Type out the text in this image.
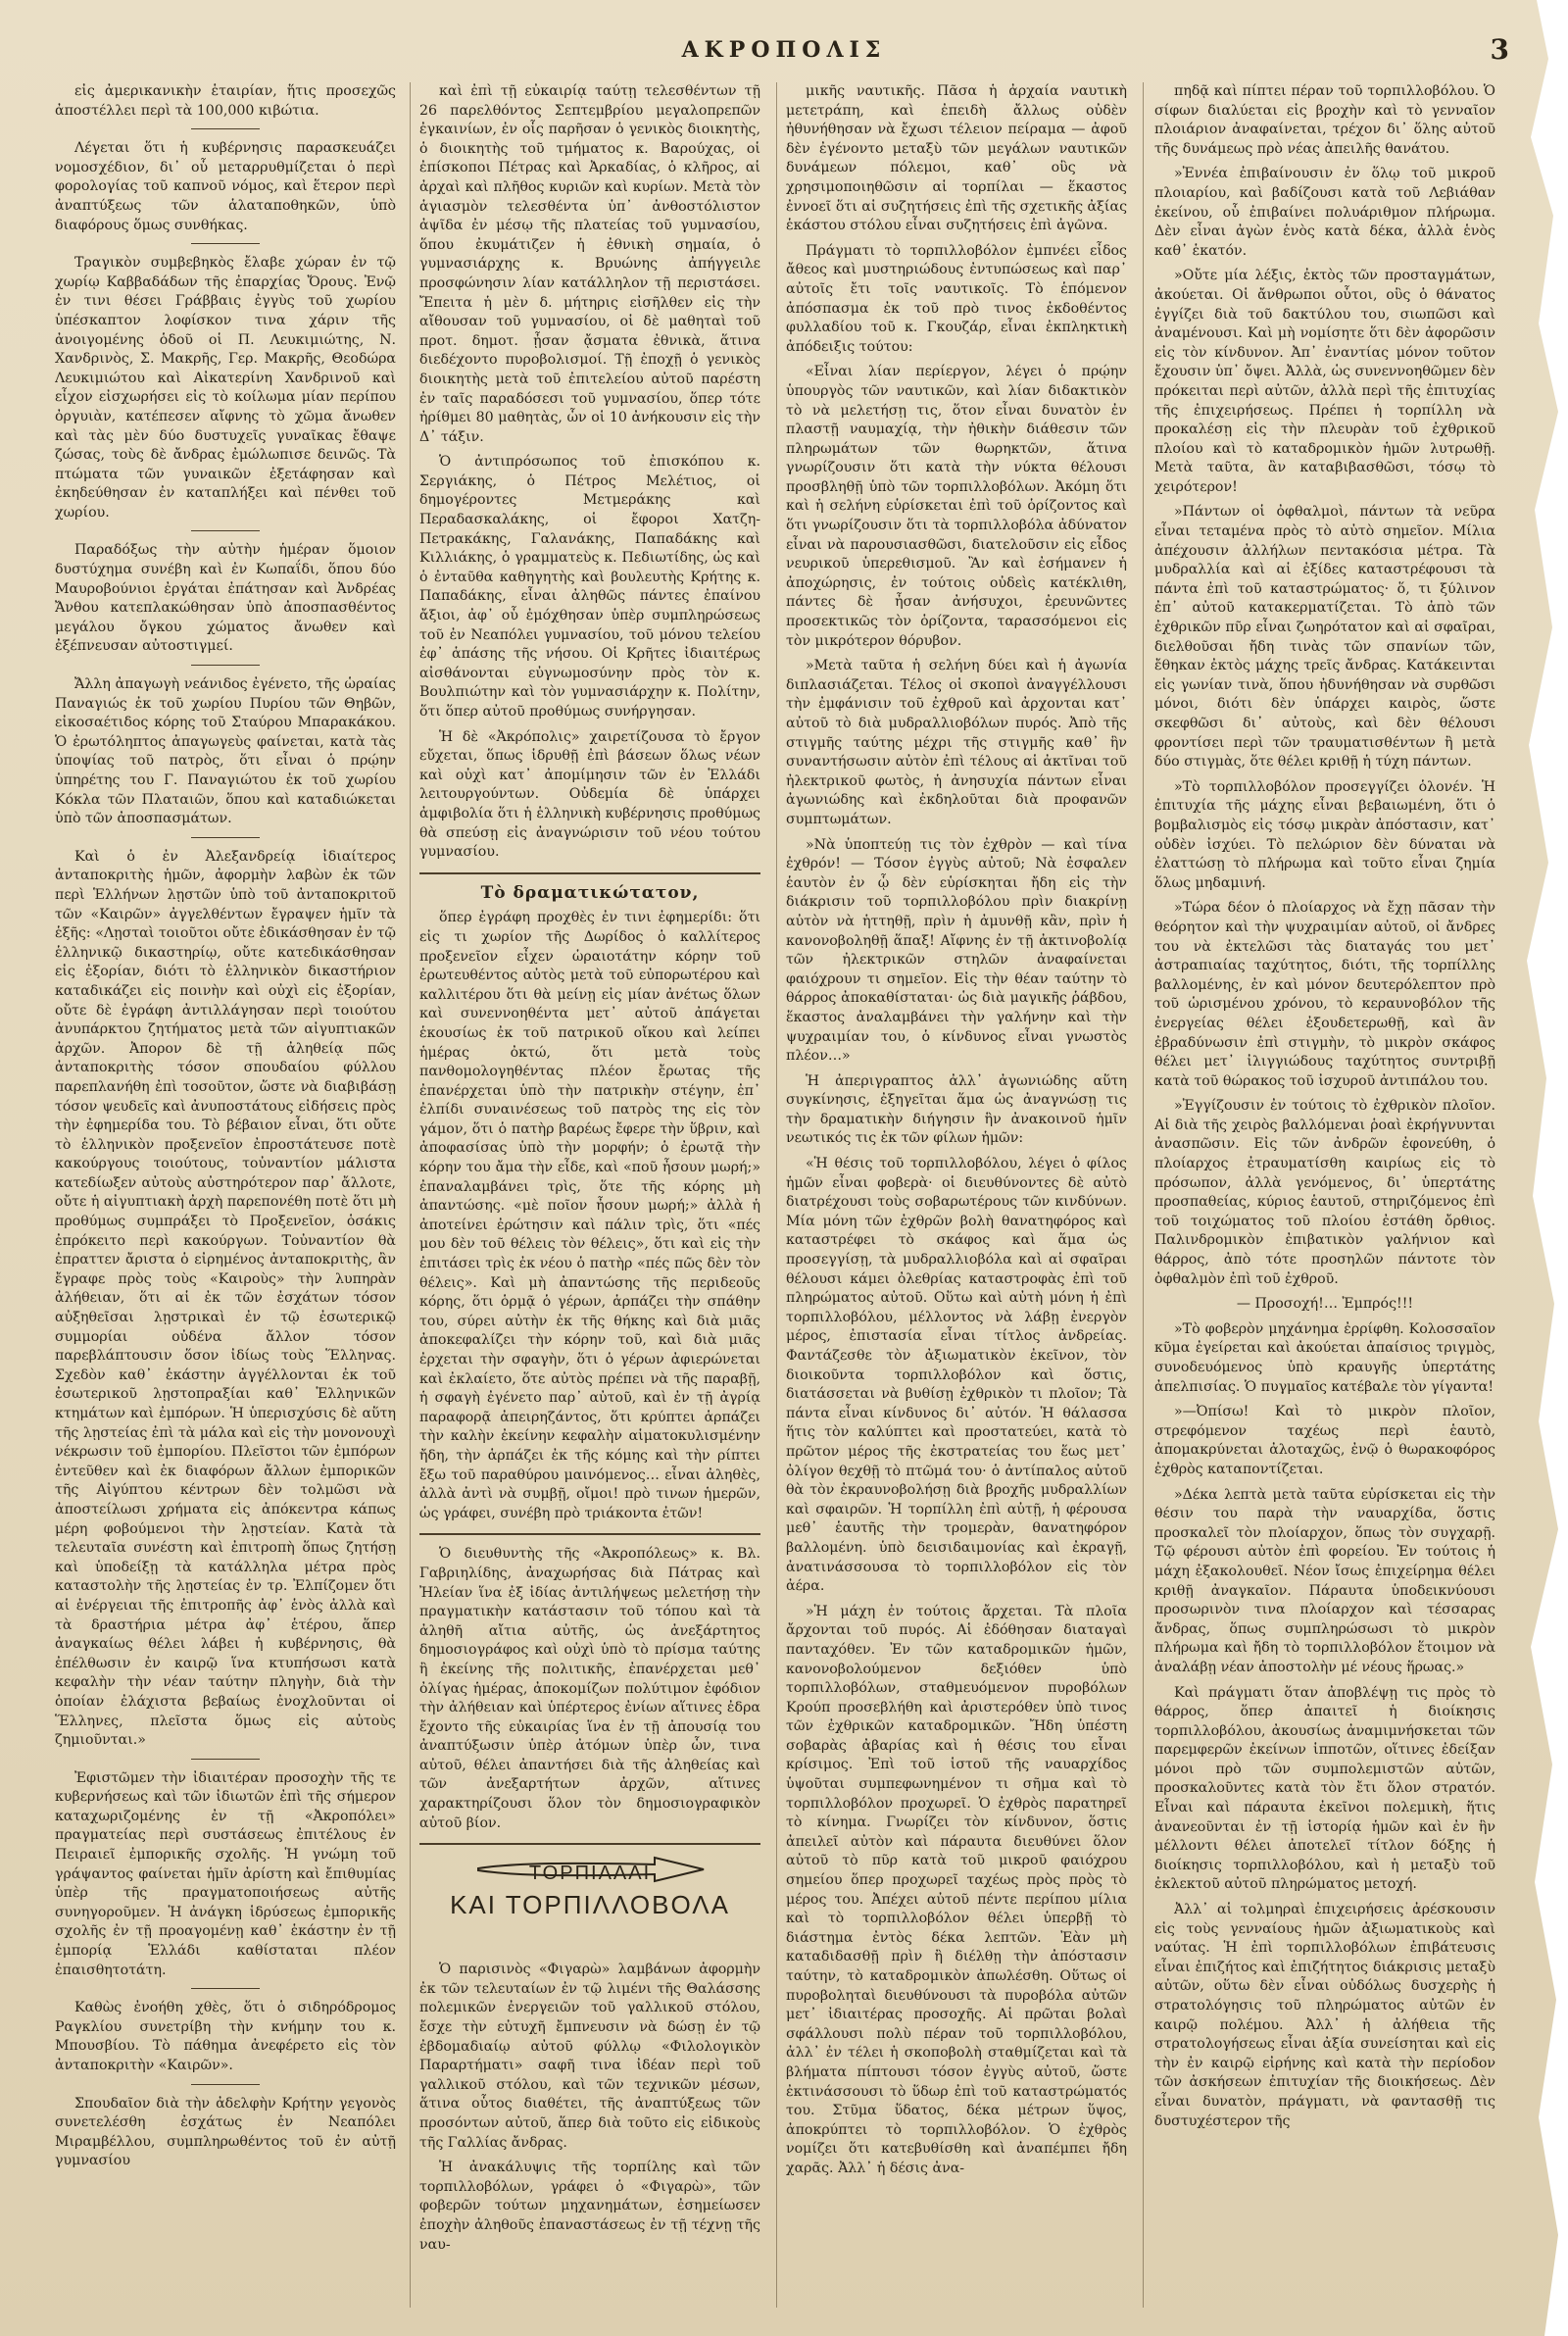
ΑΚΡΟΠΟΛΙΣ	3

εἰς ἀμερικανικὴν ἑταιρίαν, ἥτις προσεχῶς ἀποστέλλει περὶ τὰ 100,000 κιβώτια.

Λέγεται ὅτι ἡ κυβέρνησις παρασκευάζει νομοσχέδιον, δι᾽ οὗ μεταρρυθμίζεται ὁ περὶ φορολογίας τοῦ καπνοῦ νόμος, καὶ ἕτερον περὶ ἀναπτύξεως τῶν ἁλαταποθηκῶν, ὑπὸ διαφόρους ὅμως συνθήκας.

Τραγικὸν συμβεβηκὸς ἔλαβε χώραν ἐν τῷ χωρίῳ Καββαδάδων τῆς ἐπαρχίας Ὄρους. Ἐνῷ ἐν τινι θέσει Γράββαις ἐγγὺς τοῦ χωρίου ὑπέσκαπτον λοφίσκον τινα χάριν τῆς ἀνοιγομένης ὁδοῦ οἱ Π. Λευκιμιώτης, Ν. Χανδρινὸς, Σ. Μακρῆς, Γερ. Μακρῆς, Θεοδώρα Λευκιμιώτου καὶ Αἰκατερίνη Χανδρινοῦ καὶ εἶχον εἰσχωρήσει εἰς τὸ κοίλωμα μίαν περίπου ὀργυιὰν, κατέπεσεν αἴφνης τὸ χῶμα ἄνωθεν καὶ τὰς μὲν δύο δυστυχεῖς γυναῖκας ἔθαψε ζώσας, τοὺς δὲ ἄνδρας ἐμώλωπισε δεινῶς. Τὰ πτώματα τῶν γυναικῶν ἐξετάφησαν καὶ ἐκηδεύθησαν ἐν καταπλήξει καὶ πένθει τοῦ χωρίου.

Παραδόξως τὴν αὐτὴν ἡμέραν ὅμοιον δυστύχημα συνέβη καὶ ἐν Κωπαΐδι, ὅπου δύο Μαυροβούνιοι ἐργάται ἐπάτησαν καὶ Ἀνδρέας Ἄνθου κατεπλακώθησαν ὑπὸ ἀποσπασθέντος μεγάλου ὄγκου χώματος ἄνωθεν καὶ ἐξέπνευσαν αὐτοστιγμεί.

Ἄλλη ἀπαγωγὴ νεάνιδος ἐγένετο, τῆς ὡραίας Παναγιώς ἐκ τοῦ χωρίου Πυρίου τῶν Θηβῶν, εἰκοσαέτιδος κόρης τοῦ Σταύρου Μπαρακάκου. Ὁ ἐρωτόληπτος ἀπαγωγεὺς φαίνεται, κατὰ τὰς ὑποψίας τοῦ πατρὸς, ὅτι εἶναι ὁ πρῴην ὑπηρέτης του Γ. Παναγιώτου ἐκ τοῦ χωρίου Κόκλα τῶν Πλαταιῶν, ὅπου καὶ καταδιώκεται ὑπὸ τῶν ἀποσπασμάτων.

Καὶ ὁ ἐν Ἀλεξανδρείᾳ ἰδιαίτερος ἀνταποκριτὴς ἡμῶν, ἀφορμὴν λαβὼν ἐκ τῶν περὶ Ἑλλήνων λῃστῶν ὑπὸ τοῦ ἀνταποκριτοῦ τῶν «Καιρῶν» ἀγγελθέντων ἔγραψεν ἡμῖν τὰ ἑξῆς: «Λῃσταὶ τοιοῦτοι οὔτε ἐδικάσθησαν ἐν τῷ ἑλληνικῷ δικαστηρίῳ, οὔτε κατεδικάσθησαν εἰς ἐξορίαν, διότι τὸ ἑλληνικὸν δικαστήριον καταδικάζει εἰς ποινὴν καὶ οὐχὶ εἰς ἐξορίαν, οὔτε δὲ ἐγράφη ἀντιλλάγησαν περὶ τοιούτου ἀνυπάρκτου ζητήματος μετὰ τῶν αἰγυπτιακῶν ἀρχῶν. Ἀπορον δὲ τῇ ἀληθείᾳ πῶς ἀνταποκριτὴς τόσον σπουδαίου φύλλου παρεπλανήθη ἐπὶ τοσοῦτον, ὥστε νὰ διαβιβάσῃ τόσον ψευδεῖς καὶ ἀνυποστάτους εἰδήσεις πρὸς τὴν ἐφημερίδα του. Τὸ βέβαιον εἶναι, ὅτι οὔτε τὸ ἑλληνικὸν προξενεῖον ἐπροστάτευσε ποτὲ κακούργους τοιούτους, τοὐναντίον μάλιστα κατεδίωξεν αὐτοὺς αὐστηρότερον παρ᾽ ἄλλοτε, οὔτε ἡ αἰγυπτιακὴ ἀρχὴ παρεπονέθη ποτὲ ὅτι μὴ προθύμως συμπράξει τὸ Προξενεῖον, ὁσάκις ἐπρόκειτο περὶ κακούργων. Τοὐναντίον θὰ ἐπραττεν ἄριστα ὁ εἰρημένος ἀνταποκριτὴς, ἂν ἔγραφε πρὸς τοὺς «Καιροὺς» τὴν λυπηρὰν ἀλήθειαν, ὅτι αἱ ἐκ τῶν ἐσχάτων τόσον αὐξηθεῖσαι λῃστρικαὶ ἐν τῷ ἐσωτερικῷ συμμορίαι οὐδένα ἄλλον τόσον παρεβλάπτουσιν ὅσον ἰδίως τοὺς Ἕλληνας. Σχεδὸν καθ᾽ ἑκάστην ἀγγέλλονται ἐκ τοῦ ἐσωτερικοῦ λῃστοπραξίαι καθ᾽ Ἑλληνικῶν κτημάτων καὶ ἐμπόρων. Ἡ ὑπερισχύσις δὲ αὕτη τῆς λῃστείας ἐπὶ τὰ μάλα καὶ εἰς τὴν μονονουχὶ νέκρωσιν τοῦ ἐμπορίου. Πλεῖστοι τῶν ἐμπόρων ἐντεῦθεν καὶ ἐκ διαφόρων ἄλλων ἐμπορικῶν τῆς Αἰγύπτου κέντρων δὲν τολμῶσι νὰ ἀποστείλωσι χρήματα εἰς ἀπόκεντρα κάπως μέρη φοβούμενοι τὴν λῃστείαν. Κατὰ τὰ τελευταῖα συνέστη καὶ ἐπιτροπὴ ὅπως ζητήσῃ καὶ ὑποδείξῃ τὰ κατάλληλα μέτρα πρὸς καταστολὴν τῆς λῃστείας ἐν τρ. Ἐλπίζομεν ὅτι αἱ ἐνέργειαι τῆς ἐπιτροπῆς ἀφ᾽ ἑνὸς ἀλλὰ καὶ τὰ δραστήρια μέτρα ἀφ᾽ ἑτέρου, ἅπερ ἀναγκαίως θέλει λάβει ἡ κυβέρνησις, θὰ ἐπέλθωσιν ἐν καιρῷ ἵνα κτυπήσωσι κατὰ κεφαλὴν τὴν νέαν ταύτην πληγὴν, διὰ τὴν ὁποίαν ἐλάχιστα βεβαίως ἐνοχλοῦνται οἱ Ἕλληνες, πλεῖστα ὅμως εἰς αὐτοὺς ζημιοῦνται.»

Ἐφιστῶμεν τὴν ἰδιαιτέραν προσοχὴν τῆς τε κυβερνήσεως καὶ τῶν ἰδιωτῶν ἐπὶ τῆς σήμερον καταχωριζομένης ἐν τῇ «Ἀκροπόλει» πραγματείας περὶ συστάσεως ἐπιτέλους ἐν Πειραιεῖ ἐμπορικῆς σχολῆς. Ἡ γνώμη τοῦ γράψαντος φαίνεται ἡμῖν ἀρίστη καὶ ἔπιθυμίας ὑπὲρ τῆς πραγματοποιήσεως αὐτῆς συνηγοροῦμεν. Ἡ ἀνάγκη ἱδρύσεως ἐμπορικῆς σχολῆς ἐν τῇ προαγομένῃ καθ᾽ ἑκάστην ἐν τῇ ἐμπορίᾳ Ἑλλάδι καθίσταται πλέον ἐπαισθητοτάτη.

Καθὼς ἐνοήθη χθὲς, ὅτι ὁ σιδηρόδρομος Ραγκλίου συνετρίβη τὴν κνήμην του κ. Μπουσβίου. Τὸ πάθημα ἀνεφέρετο εἰς τὸν ἀνταποκριτὴν «Καιρῶν».

Σπουδαῖον διὰ τὴν ἀδελφὴν Κρήτην γεγονὸς συνετελέσθη ἐσχάτως ἐν Νεαπόλει Μιραμβέλλου, συμπληρωθέντος τοῦ ἐν αὐτῇ γυμνασίου

καὶ ἐπὶ τῇ εὐκαιρίᾳ ταύτῃ τελεσθέντων τῇ 26 παρελθόντος Σεπτεμβρίου μεγαλοπρεπῶν ἐγκαινίων, ἐν οἷς παρῆσαν ὁ γενικὸς διοικητὴς, ὁ διοικητὴς τοῦ τμήματος κ. Βαρούχας, οἱ ἐπίσκοποι Πέτρας καὶ Ἀρκαδίας, ὁ κλῆρος, αἱ ἀρχαὶ καὶ πλῆθος κυριῶν καὶ κυρίων. Μετὰ τὸν ἁγιασμὸν τελεσθέντα ὑπ᾽ ἀνθοστόλιστον ἀψῖδα ἐν μέσῳ τῆς πλατείας τοῦ γυμνασίου, ὅπου ἐκυμάτιζεν ἡ ἐθνικὴ σημαία, ὁ γυμνασιάρχης κ. Βρυώνης ἀπήγγειλε προσφώνησιν λίαν κατάλληλον τῇ περιστάσει. Ἔπειτα ἡ μὲν δ. μήτηρις εἰσῆλθεν εἰς τὴν αἴθουσαν τοῦ γυμνασίου, οἱ δὲ μαθηταὶ τοῦ προτ. δημοτ. ᾖσαν ᾄσματα ἐθνικὰ, ἅτινα διεδέχοντο πυροβολισμοί. Τῇ ἐποχῇ ὁ γενικὸς διοικητὴς μετὰ τοῦ ἐπιτελείου αὐτοῦ παρέστη ἐν ταῖς παραδόσεσι τοῦ γυμνασίου, ὅπερ τότε ἠρίθμει 80 μαθητὰς, ὧν οἱ 10 ἀνήκουσιν εἰς τὴν Δ᾽ τάξιν.

Ὁ ἀντιπρόσωπος τοῦ ἐπισκόπου κ. Σεργιάκης, ὁ Πέτρος Μελέτιος, οἱ δημογέροντες Μετμεράκης καὶ Περαδασκαλάκης, οἱ ἔφοροι Χατζη-Πετρακάκης, Γαλανάκης, Παπαδάκης καὶ Κιλλιάκης, ὁ γραμματεὺς κ. Πεδιωτίδης, ὡς καὶ ὁ ἐνταῦθα καθηγητὴς καὶ βουλευτὴς Κρήτης κ. Παπαδάκης, εἶναι ἀληθῶς πάντες ἐπαίνου ἄξιοι, ἀφ᾽ οὗ ἐμόχθησαν ὑπὲρ συμπληρώσεως τοῦ ἐν Νεαπόλει γυμνασίου, τοῦ μόνου τελείου ἐφ᾽ ἁπάσης τῆς νήσου. Οἱ Κρῆτες ἰδιαιτέρως αἰσθάνονται εὐγνωμοσύνην πρὸς τὸν κ. Βουλπιώτην καὶ τὸν γυμνασιάρχην κ. Πολίτην, ὅτι ὅπερ αὐτοῦ προθύμως συνήργησαν.

Ἡ δὲ «Ἀκρόπολις» χαιρετίζουσα τὸ ἔργον εὔχεται, ὅπως ἱδρυθῇ ἐπὶ βάσεων ὅλως νέων καὶ οὐχὶ κατ᾽ ἀπομίμησιν τῶν ἐν Ἑλλάδι λειτουργούντων. Οὐδεμία δὲ ὑπάρχει ἀμφιβολία ὅτι ἡ ἑλληνικὴ κυβέρνησις προθύμως θὰ σπεύσῃ εἰς ἀναγνώρισιν τοῦ νέου τούτου γυμνασίου.

Τὸ δραματικώτατον,

ὅπερ ἐγράφη προχθὲς ἐν τινι ἐφημερίδι: ὅτι εἰς τι χωρίον τῆς Δωρίδος ὁ καλλίτερος προξενεῖον εἶχεν ὡραιοτάτην κόρην τοῦ ἐρωτευθέντος αὐτὸς μετὰ τοῦ εὐπορωτέρου καὶ καλλιτέρου ὅτι θὰ μείνῃ εἰς μίαν ἀνέτως ὅλων καὶ συνεννοηθέντα μετ᾽ αὐτοῦ ἀπάγεται ἑκουσίως ἐκ τοῦ πατρικοῦ οἴκου καὶ λείπει ἡμέρας ὀκτώ, ὅτι μετὰ τοὺς πανθομολογηθέντας πλέον ἔρωτας τῆς ἐπανέρχεται ὑπὸ τὴν πατρικὴν στέγην, ἐπ᾽ ἐλπίδι συναινέσεως τοῦ πατρὸς της εἰς τὸν γάμον, ὅτι ὁ πατὴρ βαρέως ἔφερε τὴν ὕβριν, καὶ ἀποφασίσας ὑπὸ τὴν μορφήν; ὁ ἐρωτᾷ τὴν κόρην του ἄμα τὴν εἶδε, καὶ «ποῦ ἦσουν μωρή;» ἐπαναλαμβάνει τρὶς, ὅτε τῆς κόρης μὴ ἀπαντώσης. «μὲ ποῖον ἦσουν μωρή;» ἀλλὰ ἡ ἀποτείνει ἐρώτησιν καὶ πάλιν τρὶς, ὅτι «πές μου δὲν τοῦ θέλεις τὸν θέλεις», ὅτι καὶ εἰς τὴν ἐπιτάσει τρὶς ἐκ νέου ὁ πατὴρ «πές πῶς δὲν τὸν θέλεις». Καὶ μὴ ἀπαντώσης τῆς περιδεοῦς κόρης, ὅτι ὁρμᾷ ὁ γέρων, ἁρπάζει τὴν σπάθην του, σύρει αὐτὴν ἐκ τῆς θήκης καὶ διὰ μιᾶς ἀποκεφαλίζει τὴν κόρην τοῦ, καὶ διὰ μιᾶς ἐρχεται τὴν σφαγὴν, ὅτι ὁ γέρων ἀφιερώνεται καὶ ἐκλαίετο, ὅτε αὐτὸς πρέπει νὰ τῆς παραβῇ, ἡ σφαγὴ ἐγένετο παρ᾽ αὐτοῦ, καὶ ἐν τῇ ἀγρίᾳ παραφορᾷ ἀπειρηζάντος, ὅτι κρύπτει ἁρπάζει τὴν καλὴν ἐκείνην κεφαλὴν αἱματοκυλισμένην ἤδη, τὴν ἁρπάζει ἐκ τῆς κόμης καὶ τὴν ρίπτει ἔξω τοῦ παραθύρου μαινόμενος… εἶναι ἀληθὲς, ἀλλὰ ἀντὶ νὰ συμβῇ, οἴμοι! πρὸ τινων ἡμερῶν, ὡς γράφει, συνέβη πρὸ τριάκοντα ἐτῶν!

Ὁ διευθυντὴς τῆς «Ἀκροπόλεως» κ. Βλ. Γαβριηλίδης, ἀναχωρήσας διὰ Πάτρας καὶ Ἠλείαν ἵνα ἐξ ἰδίας ἀντιλήψεως μελετήσῃ τὴν πραγματικὴν κατάστασιν τοῦ τόπου καὶ τὰ ἀληθῆ αἴτια αὐτῆς, ὡς ἀνεξάρτητος δημοσιογράφος καὶ οὐχὶ ὑπὸ τὸ πρίσμα ταύτης ἢ ἐκείνης τῆς πολιτικῆς, ἐπανέρχεται μεθ᾽ ὀλίγας ἡμέρας, ἀποκομίζων πολύτιμον ἐφόδιον τὴν ἀλήθειαν καὶ ὑπέρτερος ἐνίων αἵτινες ἐδρα ἔχοντο τῆς εὐκαιρίας ἵνα ἐν τῇ ἀπουσίᾳ του ἀναπτύξωσιν ὑπὲρ ἀτόμων ὑπὲρ ὧν, τινα αὐτοῦ, θέλει ἀπαντήσει διὰ τῆς ἀληθείας καὶ τῶν ἀνεξαρτήτων ἀρχῶν, αἵτινες χαρακτηρίζουσι ὅλον τὸν δημοσιογραφικὸν αὐτοῦ βίον.

ΤΟΡΠΙΛΛΑΙ
ΚΑΙ ΤΟΡΠΙΛΛΟΒΟΛΑ

Ὁ παρισινὸς «Φιγαρὼ» λαμβάνων ἀφορμὴν ἐκ τῶν τελευταίων ἐν τῷ λιμένι τῆς Θαλάσσης πολεμικῶν ἐνεργειῶν τοῦ γαλλικοῦ στόλου, ἔσχε τὴν εὐτυχῆ ἔμπνευσιν νὰ δώσῃ ἐν τῷ ἐβδομαδιαίῳ αὐτοῦ φύλλῳ «Φιλολογικὸν Παραρτήματι» σαφῆ τινα ἰδέαν περὶ τοῦ γαλλικοῦ στόλου, καὶ τῶν τεχνικῶν μέσων, ἅτινα οὗτος διαθέτει, τῆς ἀναπτύξεως τῶν προσόντων αὐτοῦ, ἅπερ διὰ τοῦτο εἰς εἰδικοὺς τῆς Γαλλίας ἄνδρας.

Ἡ ἀνακάλυψις τῆς τορπίλης καὶ τῶν τορπιλλοβόλων, γράφει ὁ «Φιγαρὼ», τῶν φοβερῶν τούτων μηχανημάτων, ἐσημείωσεν ἐποχὴν ἀληθοῦς ἐπαναστάσεως ἐν τῇ τέχνῃ τῆς ναυ-

μικῆς ναυτικῆς. Πᾶσα ἡ ἀρχαία ναυτικὴ μετετράπη, καὶ ἐπειδὴ ἄλλως οὐδὲν ἠθυνήθησαν νὰ ἔχωσι τέλειον πείραμα — ἀφοῦ δὲν ἐγένοντο μεταξὺ τῶν μεγάλων ναυτικῶν δυνάμεων πόλεμοι, καθ᾽ οὓς νὰ χρησιμοποιηθῶσιν αἱ τορπίλαι — ἕκαστος ἐννοεῖ ὅτι αἱ συζητήσεις ἐπὶ τῆς σχετικῆς ἀξίας ἑκάστου στόλου εἶναι συζητήσεις ἐπὶ ἀγῶνα.

Πράγματι τὸ τορπιλλοβόλον ἐμπνέει εἶδος ἄθεος καὶ μυστηριώδους ἐντυπώσεως καὶ παρ᾽ αὐτοῖς ἔτι τοῖς ναυτικοῖς. Τὸ ἑπόμενον ἀπόσπασμα ἐκ τοῦ πρὸ τινος ἐκδοθέντος φυλλαδίου τοῦ κ. Γκουζάρ, εἶναι ἐκπληκτικὴ ἀπόδειξις τούτου:

«Εἶναι λίαν περίεργον, λέγει ὁ πρῴην ὑπουργὸς τῶν ναυτικῶν, καὶ λίαν διδακτικὸν τὸ νὰ μελετήσῃ τις, ὅτον εἶναι δυνατὸν ἐν πλαστῇ ναυμαχίᾳ, τὴν ἠθικὴν διάθεσιν τῶν πληρωμάτων τῶν θωρηκτῶν, ἅτινα γνωρίζουσιν ὅτι κατὰ τὴν νύκτα θέλουσι προσβληθῇ ὑπὸ τῶν τορπιλλοβόλων. Ἀκόμη ὅτι καὶ ἡ σελήνη εὑρίσκεται ἐπὶ τοῦ ὁρίζοντος καὶ ὅτι γνωρίζουσιν ὅτι τὰ τορπιλλοβόλα ἀδύνατον εἶναι νὰ παρουσιασθῶσι, διατελοῦσιν εἰς εἶδος νευρικοῦ ὑπερεθισμοῦ. Ἂν καὶ ἐσήμανεν ἡ ἀποχώρησις, ἐν τούτοις οὐδεὶς κατέκλιθη, πάντες δὲ ἦσαν ἀνήσυχοι, ἐρευνῶντες προσεκτικῶς τὸν ὁρίζοντα, ταρασσόμενοι εἰς τὸν μικρότερον θόρυβον.

»Μετὰ ταῦτα ἡ σελήνη δύει καὶ ἡ ἀγωνία διπλασιάζεται. Τέλος οἱ σκοποὶ ἀναγγέλλουσι τὴν ἐμφάνισιν τοῦ ἐχθροῦ καὶ ἀρχονται κατ᾽ αὐτοῦ τὸ διὰ μυδραλλιοβόλων πυρός. Ἀπὸ τῆς στιγμῆς ταύτης μέχρι τῆς στιγμῆς καθ᾽ ἣν συναντήσωσιν αὐτὸν ἐπὶ τέλους αἱ ἀκτῖναι τοῦ ἠλεκτρικοῦ φωτὸς, ἡ ἀνησυχία πάντων εἶναι ἀγωνιώδης καὶ ἐκδηλοῦται διὰ προφανῶν συμπτωμάτων.

»Νὰ ὑποπτεύῃ τις τὸν ἐχθρὸν — καὶ τίνα ἐχθρόν! — Τόσον ἐγγὺς αὐτοῦ; Νὰ ἐσφαλεν ἑαυτὸν ἐν ᾧ δὲν εὑρίσκηται ἤδη εἰς τὴν διάκρισιν τοῦ τορπιλλοβόλου πρὶν διακρίνῃ αὐτὸν νὰ ἡττηθῇ, πρὶν ἡ ἀμυνθῇ κἂν, πρὶν ἡ κανονοβοληθῇ ἅπαξ! Αἴφνης ἐν τῇ ἀκτινοβολίᾳ τῶν ἠλεκτρικῶν στηλῶν ἀναφαίνεται φαιόχρουν τι σημεῖον. Εἰς τὴν θέαν ταύτην τὸ θάρρος ἀποκαθίσταται· ὡς διὰ μαγικῆς ῥάβδου, ἕκαστος ἀναλαμβάνει τὴν γαλήνην καὶ τὴν ψυχραιμίαν του, ὁ κίνδυνος εἶναι γνωστὸς πλέον…»

Ἡ ἀπεριγραπτος ἀλλ᾽ ἀγωνιώδης αὕτη συγκίνησις, ἐξηγεῖται ἅμα ὡς ἀναγνώσῃ τις τὴν δραματικὴν διήγησιν ἣν ἀνακοινοῦ ἡμῖν νεωτικός τις ἐκ τῶν φίλων ἡμῶν:

«Ἡ θέσις τοῦ τορπιλλοβόλου, λέγει ὁ φίλος ἡμῶν εἶναι φοβερὰ· οἱ διευθύνοντες δὲ αὐτὸ διατρέχουσι τοὺς σοβαρωτέρους τῶν κινδύνων. Μία μόνη τῶν ἐχθρῶν βολὴ θανατηφόρος καὶ καταστρέφει τὸ σκάφος καὶ ἅμα ὡς προσεγγίσῃ, τὰ μυδραλλιοβόλα καὶ αἱ σφαῖραι θέλουσι κάμει ὀλεθρίας καταστροφὰς ἐπὶ τοῦ πληρώματος αὐτοῦ. Οὕτω καὶ αὐτὴ μόνη ἡ ἐπὶ τορπιλλοβόλου, μέλλοντος νὰ λάβῃ ἐνεργὸν μέρος, ἐπιστασία εἶναι τίτλος ἀνδρείας. Φαντάζεσθε τὸν ἀξιωματικὸν ἐκεῖνον, τὸν διοικοῦντα τορπιλλοβόλον καὶ ὅστις, διατάσσεται νὰ βυθίσῃ ἐχθρικὸν τι πλοῖον; Τὰ πάντα εἶναι κίνδυνος δι᾽ αὐτόν. Ἡ θάλασσα ἥτις τὸν καλύπτει καὶ προστατεύει, κατὰ τὸ πρῶτον μέρος τῆς ἐκστρατείας του ἕως μετ᾽ ὀλίγον θεχθῇ τὸ πτῶμά του· ὁ ἀντίπαλος αὐτοῦ θὰ τὸν ἐκραυνοβολήσῃ διὰ βροχῆς μυδραλλίων καὶ σφαιρῶν. Ἡ τορπίλλη ἐπὶ αὐτῇ, ἡ φέρουσα μεθ᾽ ἑαυτῆς τὴν τρομερὰν, θανατηφόρον βαλλομένη. ὑπὸ δεισιδαιμονίας καὶ ἐκραγῇ, ἀνατινάσσουσα τὸ τορπιλλοβόλον εἰς τὸν ἀέρα.

»Ἡ μάχη ἐν τούτοις ἄρχεται. Τὰ πλοῖα ἄρχονται τοῦ πυρός. Αἱ ἐδόθησαν διαταγαὶ πανταχόθεν. Ἐν τῶν καταδρομικῶν ἡμῶν, κανονοβολούμενον δεξιόθεν ὑπὸ τορπιλλοβόλων, σταθμευόμενον πυροβόλων Κρούπ προσεβλήθη καὶ ἀριστερόθεν ὑπὸ τινος τῶν ἐχθρικῶν καταδρομικῶν. Ἤδη ὑπέστη σοβαρὰς ἀβαρίας καὶ ἡ θέσις του εἶναι κρίσιμος. Ἐπὶ τοῦ ἱστοῦ τῆς ναυαρχίδος ὑψοῦται συμπεφωνημένον τι σῆμα καὶ τὸ τορπιλλοβόλον προχωρεῖ. Ὁ ἐχθρὸς παρατηρεῖ τὸ κίνημα. Γνωρίζει τὸν κίνδυνον, ὅστις ἀπειλεῖ αὐτὸν καὶ πάραυτα διευθύνει ὅλον αὐτοῦ τὸ πῦρ κατὰ τοῦ μικροῦ φαιόχρου σημείου ὅπερ προχωρεῖ ταχέως πρὸς πρὸς τὸ μέρος του. Ἀπέχει αὐτοῦ πέντε περίπου μίλια καὶ τὸ τορπιλλοβόλον θέλει ὑπερβῇ τὸ διάστημα ἐντὸς δέκα λεπτῶν. Ἐὰν μὴ καταδιδασθῇ πρὶν ἢ διέλθῃ τὴν ἀπόστασιν ταύτην, τὸ καταδρομικὸν ἀπωλέσθη. Οὕτως οἱ πυροβοληταὶ διευθύνουσι τὰ πυροβόλα αὐτῶν μετ᾽ ἰδιαιτέρας προσοχῆς. Αἱ πρῶται βολαὶ σφάλλουσι πολὺ πέραν τοῦ τορπιλλοβόλου, ἀλλ᾽ ἐν τέλει ἡ σκοποβολὴ σταθμίζεται καὶ τὰ βλήματα πίπτουσι τόσον ἐγγὺς αὐτοῦ, ὥστε ἐκτινάσσουσι τὸ ὕδωρ ἐπὶ τοῦ καταστρώματός του. Στῦμα ὕδατος, δέκα μέτρων ὕψος, ἀποκρύπτει τὸ τορπιλλοβόλον. Ὁ ἐχθρὸς νομίζει ὅτι κατεβυθίσθη καὶ ἀναπέμπει ἤδη χαρᾶς. Ἀλλ᾽ ἡ δέσις ἀνα-

πηδᾷ καὶ πίπτει πέραν τοῦ τορπιλλοβόλου. Ὁ σίφων διαλύεται εἰς βροχὴν καὶ τὸ γενναῖον πλοιάριον ἀναφαίνεται, τρέχον δι᾽ ὅλης αὐτοῦ τῆς δυνάμεως πρὸ νέας ἀπειλῆς θανάτου.

»Ἐννέα ἐπιβαίνουσιν ἐν ὅλῳ τοῦ μικροῦ πλοιαρίου, καὶ βαδίζουσι κατὰ τοῦ Λεβιάθαν ἐκείνου, οὗ ἐπιβαίνει πολυάριθμον πλήρωμα. Δὲν εἶναι ἀγὼν ἑνὸς κατὰ δέκα, ἀλλὰ ἑνὸς καθ᾽ ἑκατόν.

»Οὔτε μία λέξις, ἐκτὸς τῶν προσταγμάτων, ἀκούεται. Οἱ ἄνθρωποι οὗτοι, οὓς ὁ θάνατος ἐγγίζει διὰ τοῦ δακτύλου του, σιωπῶσι καὶ ἀναμένουσι. Καὶ μὴ νομίσητε ὅτι δὲν ἀφορῶσιν εἰς τὸν κίνδυνον. Ἀπ᾽ ἐναντίας μόνον τοῦτον ἔχουσιν ὑπ᾽ ὄψει. Ἀλλὰ, ὡς συνεννοηθῶμεν δὲν πρόκειται περὶ αὐτῶν, ἀλλὰ περὶ τῆς ἐπιτυχίας τῆς ἐπιχειρήσεως. Πρέπει ἡ τορπίλλη νὰ προκαλέσῃ εἰς τὴν πλευρὰν τοῦ ἐχθρικοῦ πλοίου καὶ τὸ καταδρομικὸν ἡμῶν λυτρωθῇ. Μετὰ ταῦτα, ἂν καταβιβασθῶσι, τόσῳ τὸ χειρότερον!

»Πάντων οἱ ὀφθαλμοὶ, πάντων τὰ νεῦρα εἶναι τεταμένα πρὸς τὸ αὐτὸ σημεῖον. Μίλια ἀπέχουσιν ἀλλήλων πεντακόσια μέτρα. Τὰ μυδραλλία καὶ αἱ ἐξίδες καταστρέφουσι τὰ πάντα ἐπὶ τοῦ καταστρώματος· ὅ, τι ξύλινον ἐπ᾽ αὐτοῦ κατακερματίζεται. Τὸ ἀπὸ τῶν ἐχθρικῶν πῦρ εἶναι ζωηρότατον καὶ αἱ σφαῖραι, διελθοῦσαι ἤδη τινὰς τῶν σπανίων τῶν, ἔθηκαν ἐκτὸς μάχης τρεῖς ἄνδρας. Κατάκεινται εἰς γωνίαν τινὰ, ὅπου ἠδυνήθησαν νὰ συρθῶσι μόνοι, διότι δὲν ὑπάρχει καιρὸς, ὥστε σκεφθῶσι δι᾽ αὐτοὺς, καὶ δὲν θέλουσι φροντίσει περὶ τῶν τραυματισθέντων ἢ μετὰ δύο στιγμὰς, ὅτε θέλει κριθῇ ἡ τύχη πάντων.

»Τὸ τορπιλλοβόλον προσεγγίζει ὁλονέν. Ἡ ἐπιτυχία τῆς μάχης εἶναι βεβαιωμένη, ὅτι ὁ βομβαλισμὸς εἰς τόσῳ μικρὰν ἀπόστασιν, κατ᾽ οὐδὲν ἰσχύει. Τὸ πελώριον δὲν δύναται νὰ ἐλαττώσῃ τὸ πλήρωμα καὶ τοῦτο εἶναι ζημία ὅλως μηδαμινή.

»Τώρα δέον ὁ πλοίαρχος νὰ ἔχῃ πᾶσαν τὴν θεόρητον καὶ τὴν ψυχραιμίαν αὐτοῦ, οἱ ἄνδρες του νὰ ἐκτελῶσι τὰς διαταγάς του μετ᾽ ἀστραπιαίας ταχύτητος, διότι, τῆς τορπίλλης βαλλομένης, ἐν καὶ μόνον δευτερόλεπτον πρὸ τοῦ ὡρισμένου χρόνου, τὸ κεραυνοβόλον τῆς ἐνεργείας θέλει ἐξουδετερωθῇ, καὶ ἂν ἐβραδύνωσιν ἐπὶ στιγμὴν, τὸ μικρὸν σκάφος θέλει μετ᾽ ἰλιγγιώδους ταχύτητος συντριβῇ κατὰ τοῦ θώρακος τοῦ ἰσχυροῦ ἀντιπάλου του.

»Ἐγγίζουσιν ἐν τούτοις τὸ ἐχθρικὸν πλοῖον. Αἱ διὰ τῆς χειρὸς βαλλόμεναι ῥοαὶ ἐκρήγνυνται ἀνασπῶσιν. Εἰς τῶν ἀνδρῶν ἐφονεύθη, ὁ πλοίαρχος ἐτραυματίσθη καιρίως εἰς τὸ πρόσωπον, ἀλλὰ γενόμενος, δι᾽ ὑπερτάτης προσπαθείας, κύριος ἑαυτοῦ, στηριζόμενος ἐπὶ τοῦ τοιχώματος τοῦ πλοίου ἐστάθη ὄρθιος. Παλινδρομικὸν ἐπιβατικὸν γαλήνιον καὶ θάρρος, ἀπὸ τότε προσηλῶν πάντοτε τὸν ὀφθαλμὸν ἐπὶ τοῦ ἐχθροῦ.

— Προσοχή!… Ἐμπρός!!!

»Τὸ φοβερὸν μηχάνημα ἐρρίφθη. Κολοσσαῖον κῦμα ἐγείρεται καὶ ἀκούεται ἀπαίσιος τριγμὸς, συνοδευόμενος ὑπὸ κραυγῆς ὑπερτάτης ἀπελπισίας. Ὁ πυγμαῖος κατέβαλε τὸν γίγαντα!

»—Ὀπίσω! Καὶ τὸ μικρὸν πλοῖον, στρεφόμενον ταχέως περὶ ἑαυτὸ, ἀπομακρύνεται ἀλοταχῶς, ἐνῷ ὁ θωρακοφόρος ἐχθρὸς καταποντίζεται.

»Δέκα λεπτὰ μετὰ ταῦτα εὑρίσκεται εἰς τὴν θέσιν του παρὰ τὴν ναυαρχίδα, ὅστις προσκαλεῖ τὸν πλοίαρχον, ὅπως τὸν συγχαρῇ. Τῷ φέρουσι αὐτὸν ἐπὶ φορείου. Ἐν τούτοις ἡ μάχη ἐξακολουθεῖ. Νέον ἴσως ἐπιχείρημα θέλει κριθῇ ἀναγκαῖον. Πάραυτα ὑποδεικνύουσι προσωρινὸν τινα πλοίαρχον καὶ τέσσαρας ἄνδρας, ὅπως συμπληρώσωσι τὸ μικρὸν πλήρωμα καὶ ἤδη τὸ τορπιλλοβόλον ἕτοιμον νὰ ἀναλάβῃ νέαν ἀποστολὴν μέ νέους ἥρωας.»

Καὶ πράγματι ὅταν ἀποβλέψῃ τις πρὸς τὸ θάρρος, ὅπερ ἀπαιτεῖ ἡ διοίκησις τορπιλλοβόλου, ἀκουσίως ἀναμιμνήσκεται τῶν παρεμφερῶν ἐκείνων ἱπποτῶν, οἵτινες ἐδείξαν μόνοι πρὸ τῶν συμπολεμιστῶν αὐτῶν, προσκαλοῦντες κατὰ τὸν ἔτι ὅλον στρατόν. Εἶναι καὶ πάραυτα ἐκεῖνοι πολεμικὴ, ἥτις ἀνανεοῦνται ἐν τῇ ἱστορίᾳ ἡμῶν καὶ ἐν ἣν μέλλοντι θέλει ἀποτελεῖ τίτλον δόξης ἡ διοίκησις τορπιλλοβόλου, καὶ ἡ μεταξὺ τοῦ ἐκλεκτοῦ αὐτοῦ πληρώματος μετοχή.

Ἀλλ᾽ αἱ τολμηραὶ ἐπιχειρήσεις ἀρέσκουσιν εἰς τοὺς γενναίους ἡμῶν ἀξιωματικοὺς καὶ ναύτας. Ἡ ἐπὶ τορπιλλοβόλων ἐπιβάτευσις εἶναι ἐπιζήτος καὶ ἐπιζήτητος διάκρισις μεταξὺ αὐτῶν, οὕτω δὲν εἶναι οὐδόλως δυσχερὴς ἡ στρατολόγησις τοῦ πληρώματος αὐτῶν ἐν καιρῷ πολέμου. Ἀλλ᾽ ἡ ἀλήθεια τῆς στρατολογήσεως εἶναι ἀξία συνείσηται καὶ εἰς τὴν ἐν καιρῷ εἰρήνης καὶ κατὰ τὴν περίοδον τῶν ἀσκήσεων ἐπιτυχίαν τῆς διοικήσεως. Δὲν εἶναι δυνατὸν, πράγματι, νὰ φαντασθῇ τις δυστυχέστερον τῆς
